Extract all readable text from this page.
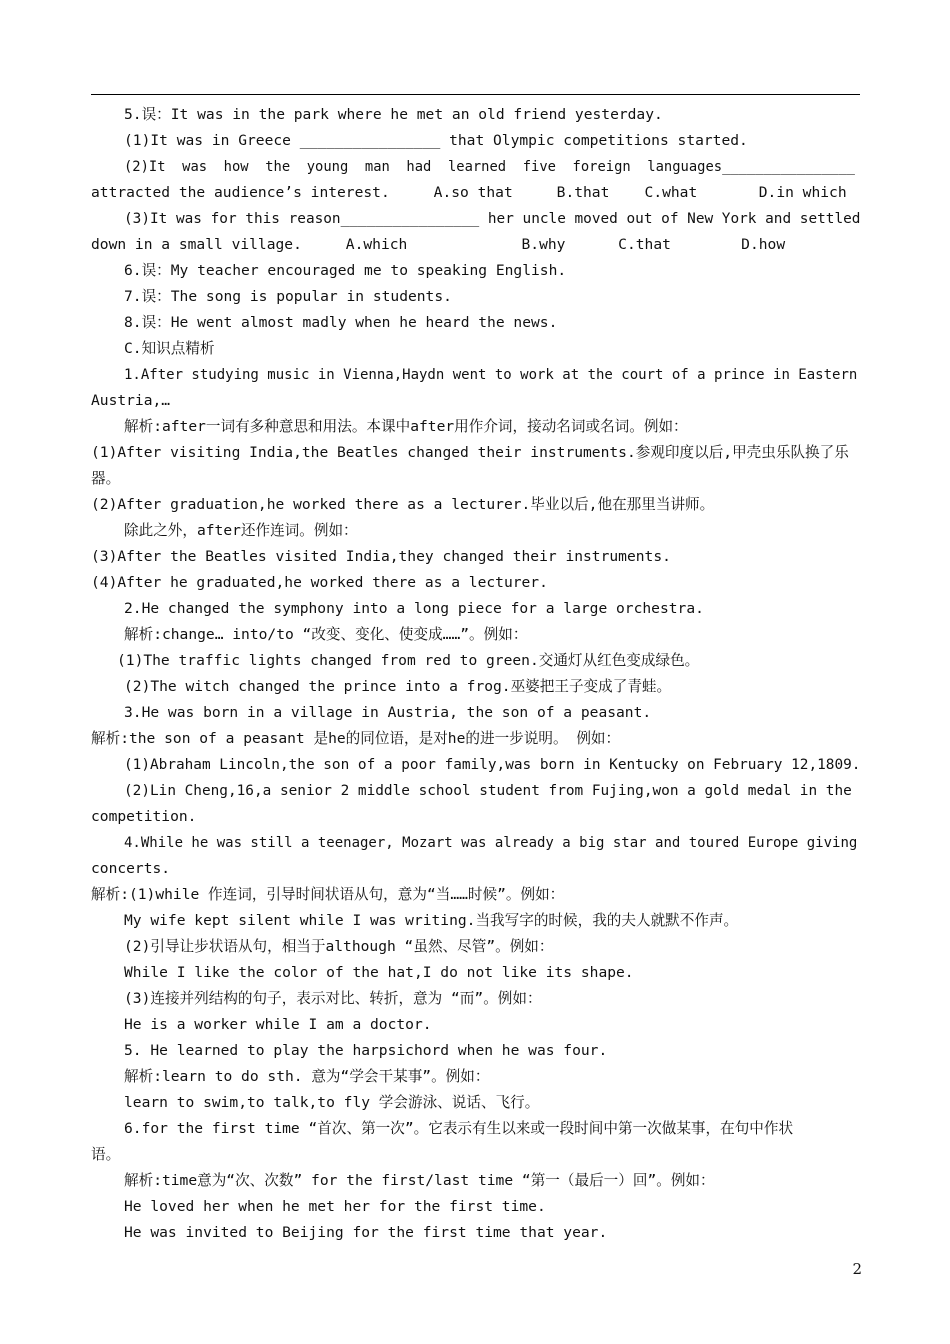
5.误：It was in the park where he met an old friend yesterday.
(1)It was in Greece ________________ that Olympic competitions started.
(2)It  was  how  the  young  man  had  learned  five  foreign  languages________________
attracted the audience’s interest.     A.so that     B.that    C.what       D.in which
(3)It was for this reason________________ her uncle moved out of New York and settled
down in a small village.     A.which             B.why      C.that        D.how
6.误：My teacher encouraged me to speaking English.
7.误：The song is popular in students.
8.误：He went almost madly when he heard the news.
C.知识点精析
1.After studying music in Vienna,Haydn went to work at the court of a prince in Eastern
Austria,…
解析:after一词有多种意思和用法。本课中after用作介词，接动名词或名词。例如：
(1)After visiting India,the Beatles changed their instruments.参观印度以后,甲壳虫乐队换了乐
器。
(2)After graduation,he worked there as a lecturer.毕业以后,他在那里当讲师。
除此之外，after还作连词。例如：
(3)After the Beatles visited India,they changed their instruments.
(4)After he graduated,he worked there as a lecturer.
2.He changed the symphony into a long piece for a large orchestra.
解析:change… into/to “改变、变化、使变成……”。例如：
(1)The traffic lights changed from red to green.交通灯从红色变成绿色。
(2)The witch changed the prince into a frog.巫婆把王子变成了青蛙。
3.He was born in a village in Austria, the son of a peasant.
解析:the son of a peasant 是he的同位语，是对he的进一步说明。 例如：
(1)Abraham Lincoln,the son of a poor family,was born in Kentucky on February 12,1809.
(2)Lin Cheng,16,a senior 2 middle school student from Fujing,won a gold medal in the
competition.
4.While he was still a teenager, Mozart was already a big star and toured Europe giving
concerts.
解析:(1)while 作连词，引导时间状语从句，意为“当……时候”。例如：
My wife kept silent while I was writing.当我写字的时候，我的夫人就默不作声。
(2)引导让步状语从句，相当于although “虽然、尽管”。例如：
While I like the color of the hat,I do not like its shape.
(3)连接并列结构的句子，表示对比、转折，意为 “而”。例如：
He is a worker while I am a doctor.
5. He learned to play the harpsichord when he was four.
解析:learn to do sth. 意为“学会干某事”。例如：
learn to swim,to talk,to fly 学会游泳、说话、飞行。
6.for the first time “首次、第一次”。它表示有生以来或一段时间中第一次做某事，在句中作状
语。
解析:time意为“次、次数” for the first/last time “第一（最后一）回”。例如：
He loved her when he met her for the first time.
He was invited to Beijing for the first time that year.
2
